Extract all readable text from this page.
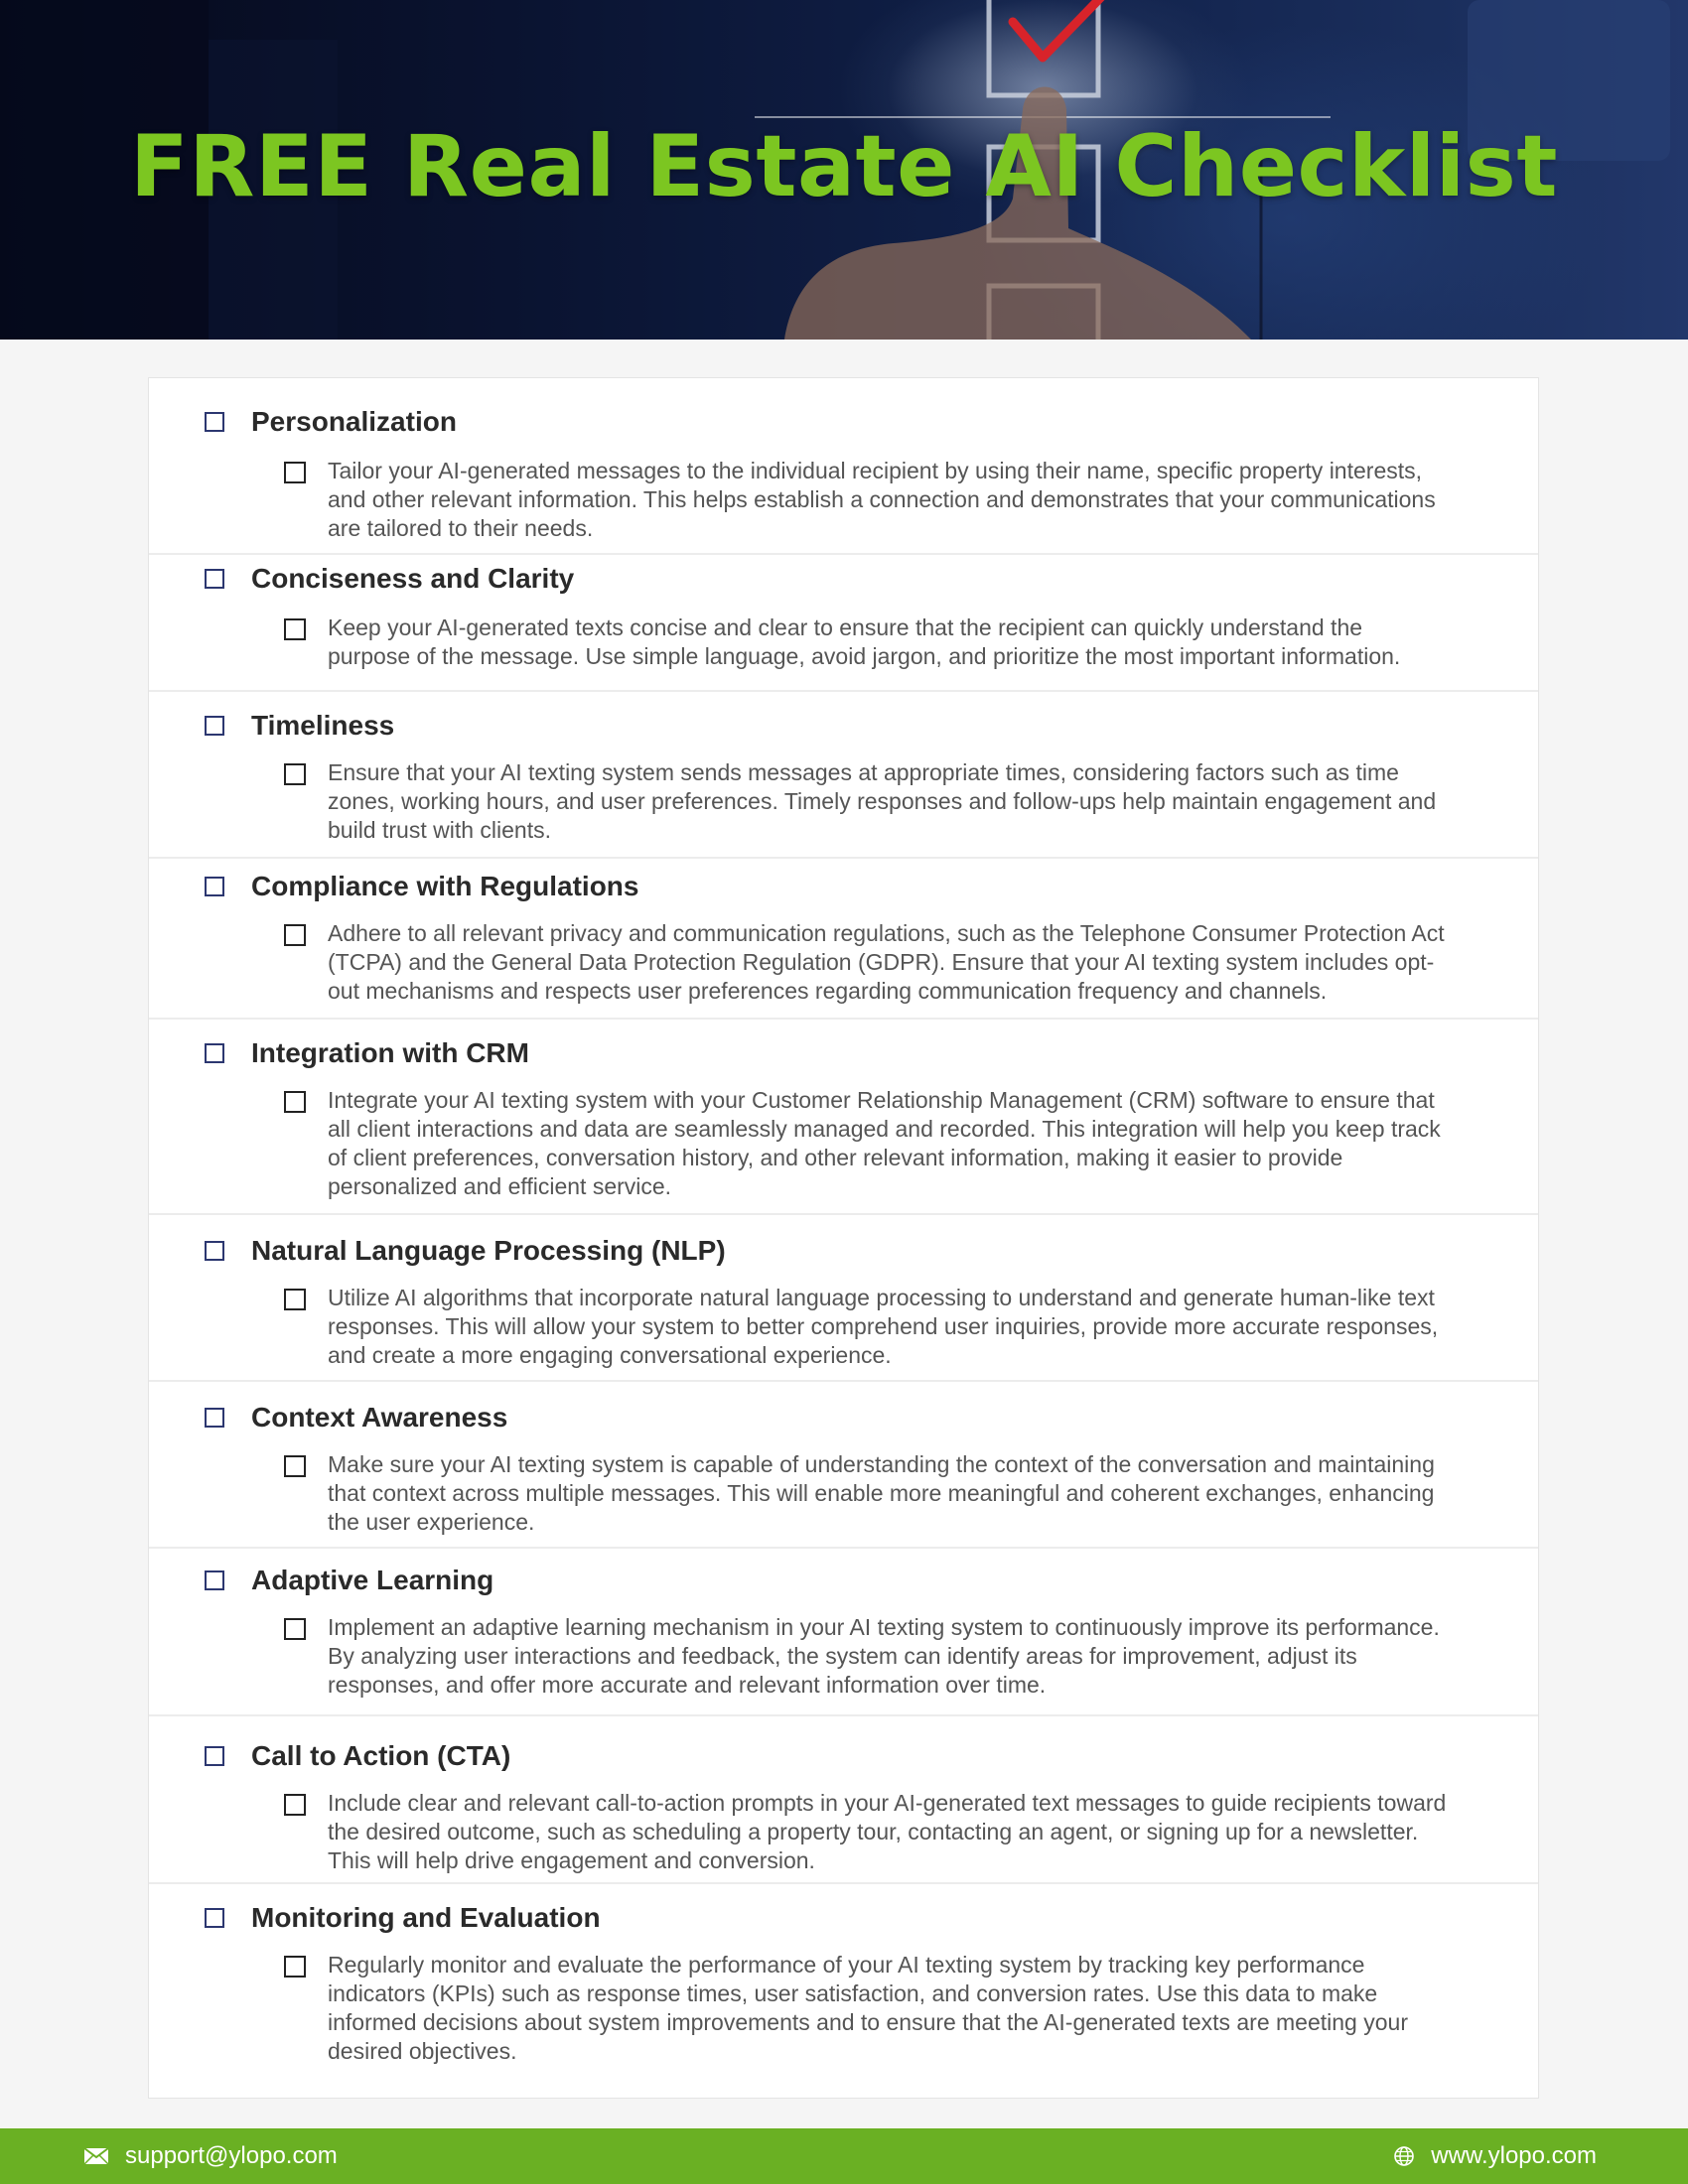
FREE Real Estate AI Checklist
Personalization
Tailor your AI-generated messages to the individual recipient by using their name, specific property interests, and other relevant information. This helps establish a connection and demonstrates that your communications are tailored to their needs.
Conciseness and Clarity
Keep your AI-generated texts concise and clear to ensure that the recipient can quickly understand the purpose of the message. Use simple language, avoid jargon, and prioritize the most important information.
Timeliness
Ensure that your AI texting system sends messages at appropriate times, considering factors such as time zones, working hours, and user preferences. Timely responses and follow-ups help maintain engagement and build trust with clients.
Compliance with Regulations
Adhere to all relevant privacy and communication regulations, such as the Telephone Consumer Protection Act (TCPA) and the General Data Protection Regulation (GDPR). Ensure that your AI texting system includes opt-out mechanisms and respects user preferences regarding communication frequency and channels.
Integration with CRM
Integrate your AI texting system with your Customer Relationship Management (CRM) software to ensure that all client interactions and data are seamlessly managed and recorded. This integration will help you keep track of client preferences, conversation history, and other relevant information, making it easier to provide personalized and efficient service.
Natural Language Processing (NLP)
Utilize AI algorithms that incorporate natural language processing to understand and generate human-like text responses. This will allow your system to better comprehend user inquiries, provide more accurate responses, and create a more engaging conversational experience.
Context Awareness
Make sure your AI texting system is capable of understanding the context of the conversation and maintaining that context across multiple messages. This will enable more meaningful and coherent exchanges, enhancing the user experience.
Adaptive Learning
Implement an adaptive learning mechanism in your AI texting system to continuously improve its performance. By analyzing user interactions and feedback, the system can identify areas for improvement, adjust its responses, and offer more accurate and relevant information over time.
Call to Action (CTA)
Include clear and relevant call-to-action prompts in your AI-generated text messages to guide recipients toward the desired outcome, such as scheduling a property tour, contacting an agent, or signing up for a newsletter. This will help drive engagement and conversion.
Monitoring and Evaluation
Regularly monitor and evaluate the performance of your AI texting system by tracking key performance indicators (KPIs) such as response times, user satisfaction, and conversion rates. Use this data to make informed decisions about system improvements and to ensure that the AI-generated texts are meeting your desired objectives.
support@ylopo.com	www.ylopo.com
